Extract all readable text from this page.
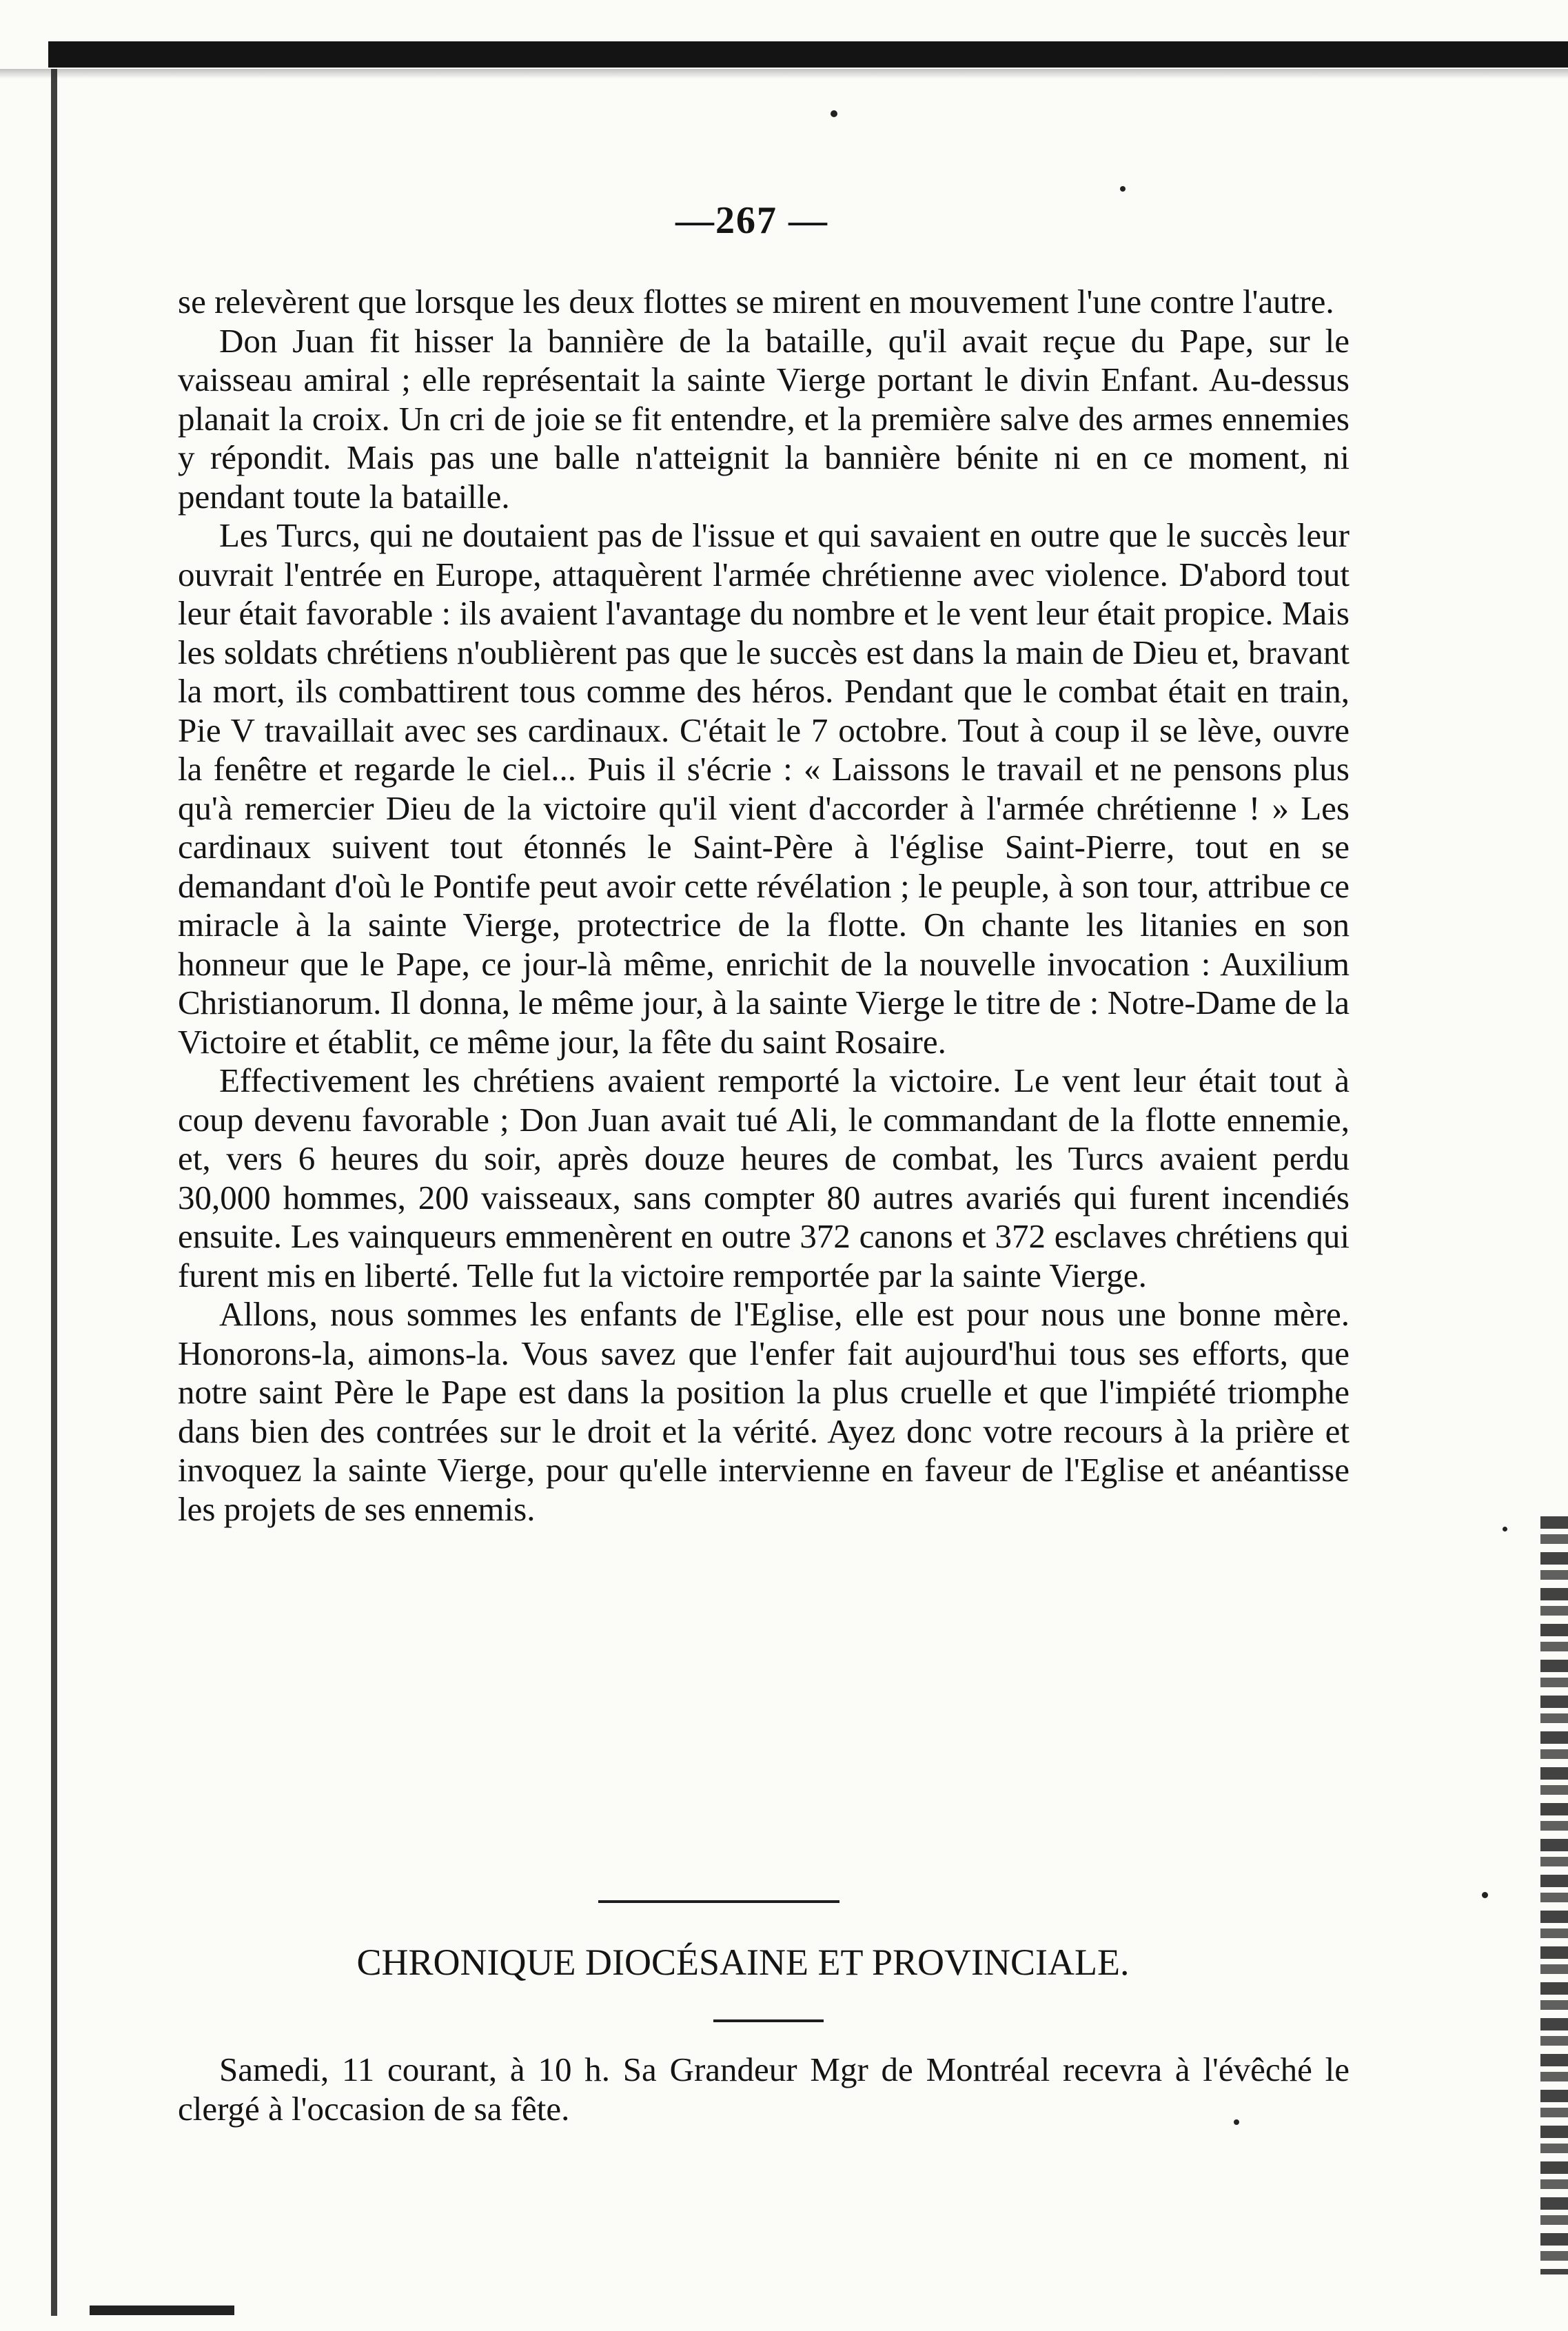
—267 —

se relevèrent que lorsque les deux flottes se mirent en mouvement l'une contre l'autre.

Don Juan fit hisser la bannière de la bataille, qu'il avait reçue du Pape, sur le vaisseau amiral ; elle représentait la sainte Vierge portant le divin Enfant. Au-dessus planait la croix. Un cri de joie se fit entendre, et la première salve des armes ennemies y répondit. Mais pas une balle n'atteignit la bannière bénite ni en ce moment, ni pendant toute la bataille.

Les Turcs, qui ne doutaient pas de l'issue et qui savaient en outre que le succès leur ouvrait l'entrée en Europe, attaquèrent l'armée chrétienne avec violence. D'abord tout leur était favorable : ils avaient l'avantage du nombre et le vent leur était propice. Mais les soldats chrétiens n'oublièrent pas que le succès est dans la main de Dieu et, bravant la mort, ils combattirent tous comme des héros. Pendant que le combat était en train, Pie V travaillait avec ses cardinaux. C'était le 7 octobre. Tout à coup il se lève, ouvre la fenêtre et regarde le ciel... Puis il s'écrie : « Laissons le travail et ne pensons plus qu'à remercier Dieu de la victoire qu'il vient d'accorder à l'armée chrétienne ! » Les cardinaux suivent tout étonnés le Saint-Père à l'église Saint-Pierre, tout en se demandant d'où le Pontife peut avoir cette révélation ; le peuple, à son tour, attribue ce miracle à la sainte Vierge, protectrice de la flotte. On chante les litanies en son honneur que le Pape, ce jour-là même, enrichit de la nouvelle invocation : Auxilium Christianorum. Il donna, le même jour, à la sainte Vierge le titre de : Notre-Dame de la Victoire et établit, ce même jour, la fête du saint Rosaire.

Effectivement les chrétiens avaient remporté la victoire. Le vent leur était tout à coup devenu favorable ; Don Juan avait tué Ali, le commandant de la flotte ennemie, et, vers 6 heures du soir, après douze heures de combat, les Turcs avaient perdu 30,000 hommes, 200 vaisseaux, sans compter 80 autres avariés qui furent incendiés ensuite. Les vainqueurs emmenèrent en outre 372 canons et 372 esclaves chrétiens qui furent mis en liberté. Telle fut la victoire remportée par la sainte Vierge.

Allons, nous sommes les enfants de l'Eglise, elle est pour nous une bonne mère. Honorons-la, aimons-la. Vous savez que l'enfer fait aujourd'hui tous ses efforts, que notre saint Père le Pape est dans la position la plus cruelle et que l'impiété triomphe dans bien des contrées sur le droit et la vérité. Ayez donc votre recours à la prière et invoquez la sainte Vierge, pour qu'elle intervienne en faveur de l'Eglise et anéantisse les projets de ses ennemis.

CHRONIQUE DIOCÉSAINE ET PROVINCIALE.

Samedi, 11 courant, à 10 h. Sa Grandeur Mgr de Montréal recevra à l'évêché le clergé à l'occasion de sa fête.
